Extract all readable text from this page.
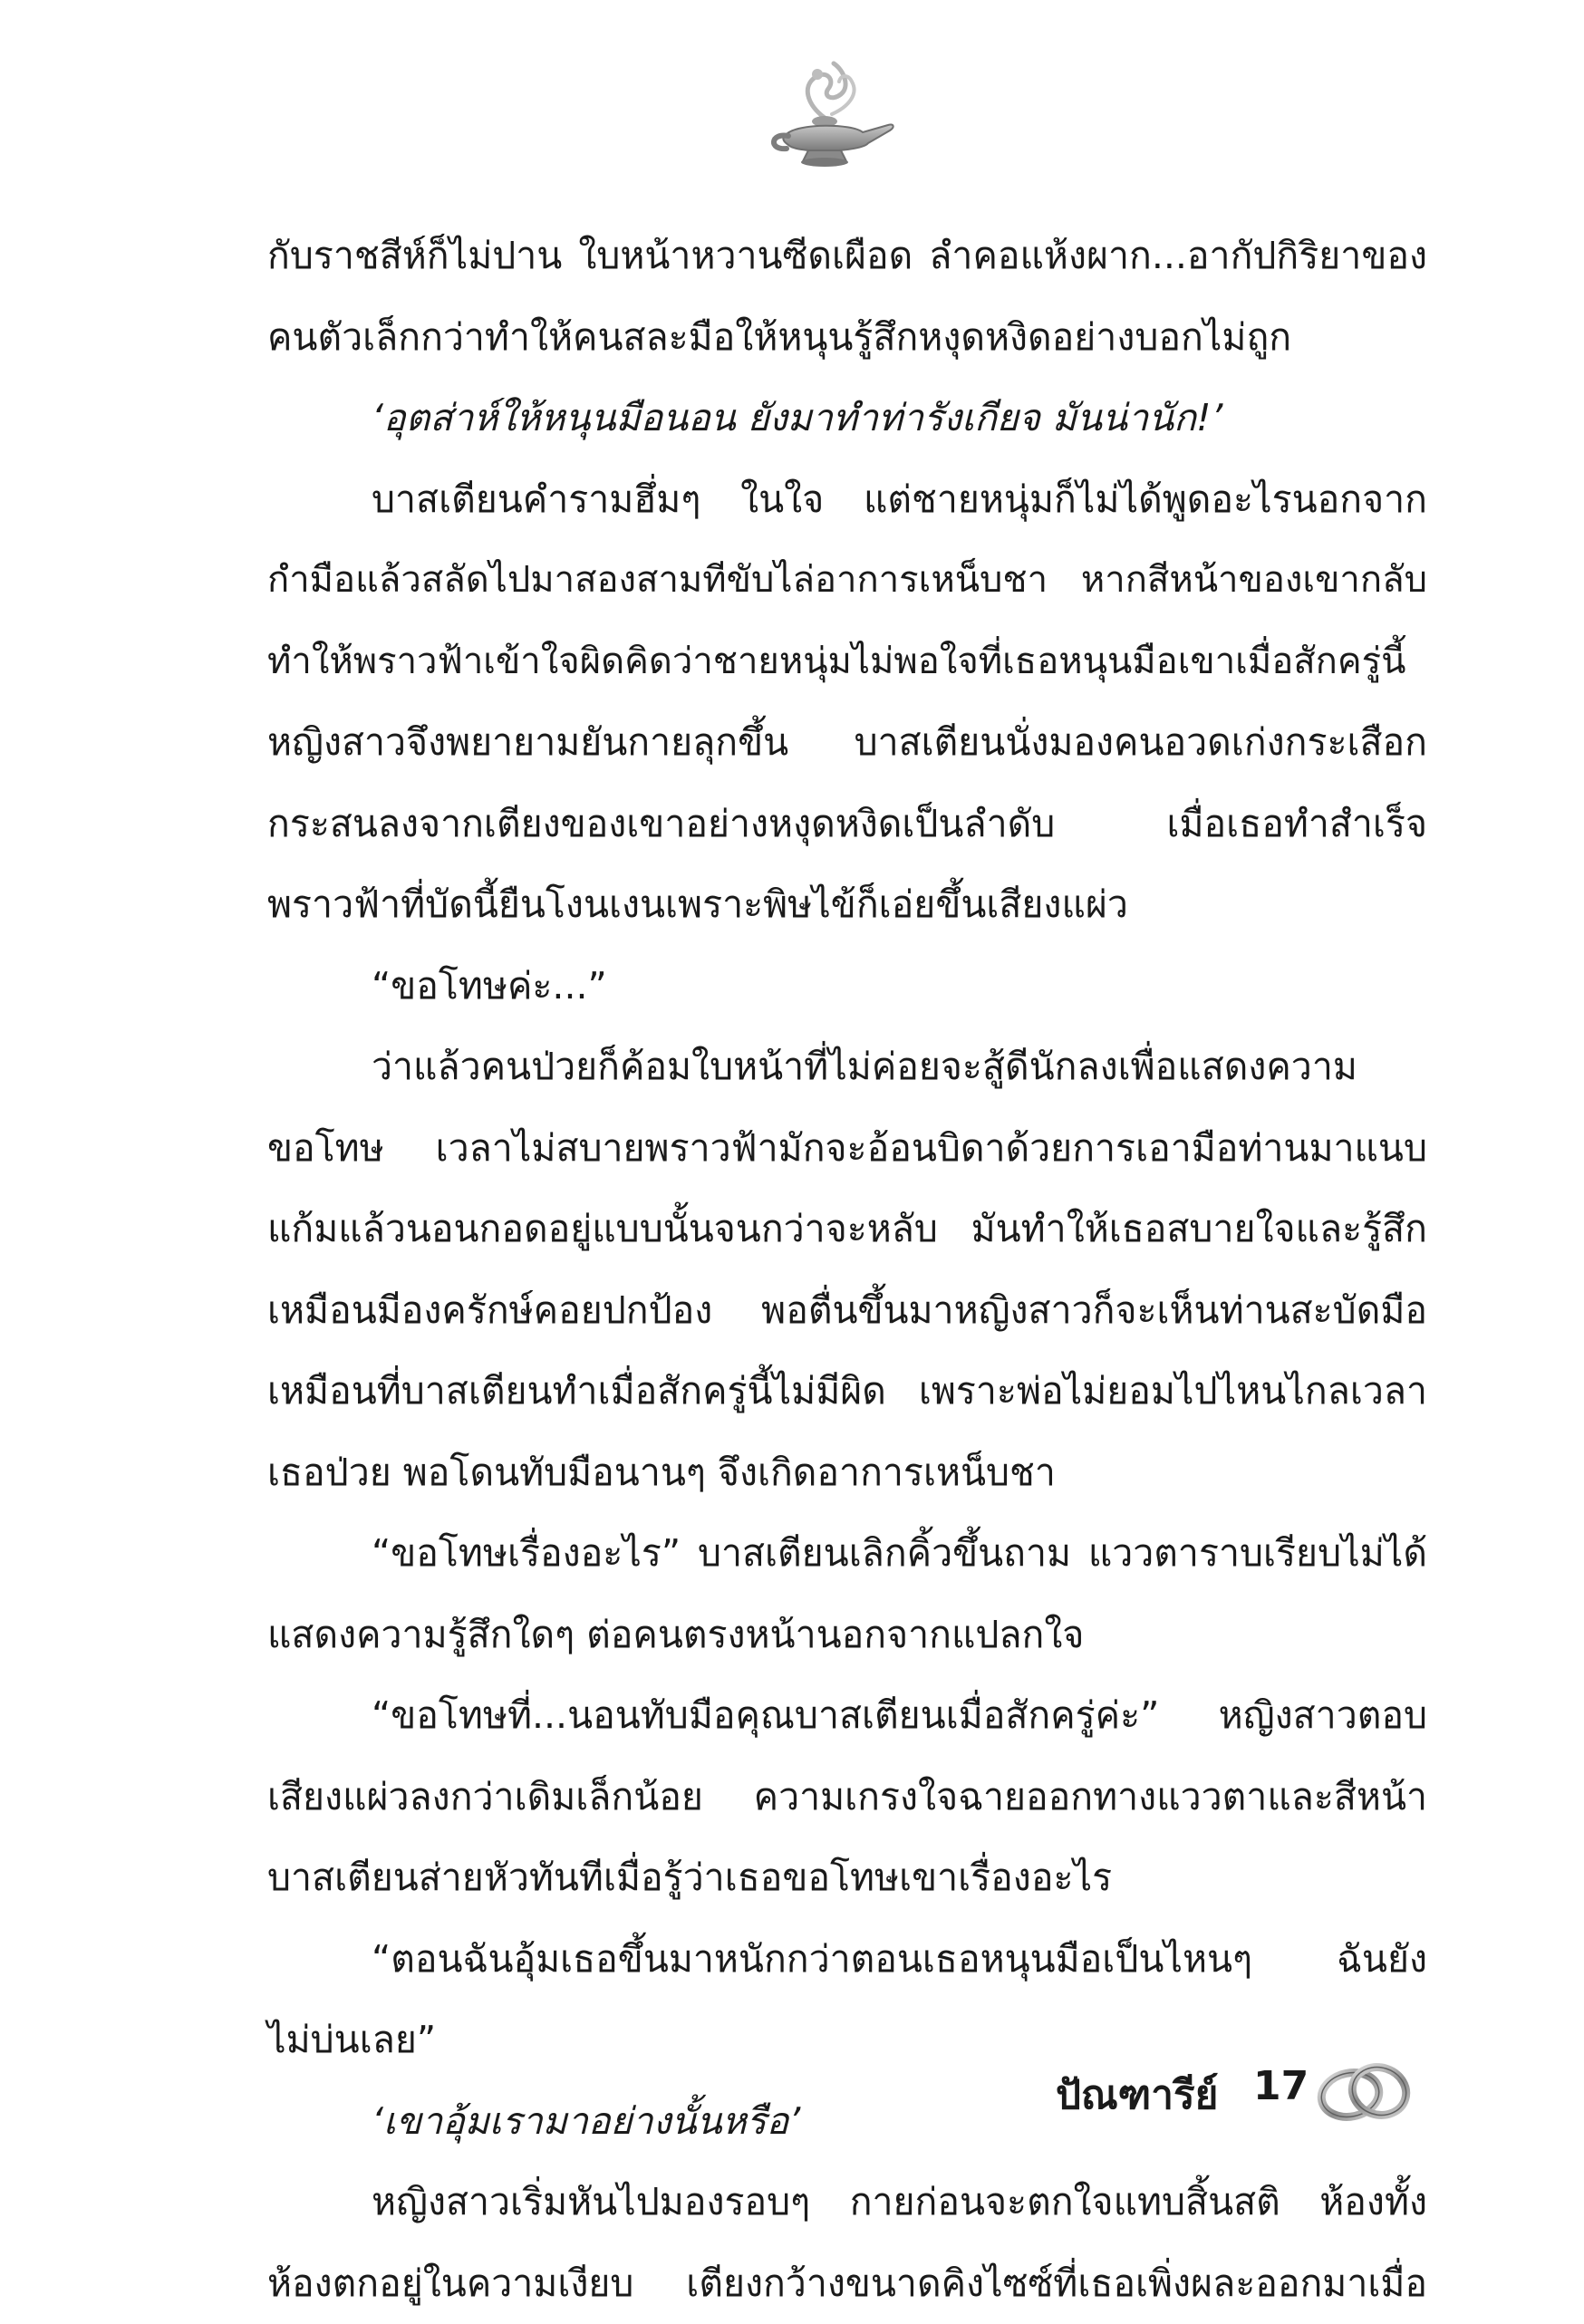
กับราชสีห์ก็ไม่ปาน ใบหน้าหวานซีดเผือด ลำคอแห้งผาก...อากัปกิริยาของ
คนตัวเล็กกว่าทำให้คนสละมือให้หนุนรู้สึกหงุดหงิดอย่างบอกไม่ถูก
‘อุตส่าห์ให้หนุนมือนอน ยังมาทำท่ารังเกียจ มันน่านัก!’
บาสเตียนคำรามฮึ่มๆ ในใจ แต่ชายหนุ่มก็ไม่ได้พูดอะไรนอกจาก
กำมือแล้วสลัดไปมาสองสามทีขับไล่อาการเหน็บชา หากสีหน้าของเขากลับ
ทำให้พราวฟ้าเข้าใจผิดคิดว่าชายหนุ่มไม่พอใจที่เธอหนุนมือเขาเมื่อสักครู่นี้
หญิงสาวจึงพยายามยันกายลุกขึ้น บาสเตียนนั่งมองคนอวดเก่งกระเสือก
กระสนลงจากเตียงของเขาอย่างหงุดหงิดเป็นลำดับ เมื่อเธอทำสำเร็จ
พราวฟ้าที่บัดนี้ยืนโงนเงนเพราะพิษไข้ก็เอ่ยขึ้นเสียงแผ่ว
“ขอโทษค่ะ...”
ว่าแล้วคนป่วยก็ค้อมใบหน้าที่ไม่ค่อยจะสู้ดีนักลงเพื่อแสดงความ
ขอโทษ เวลาไม่สบายพราวฟ้ามักจะอ้อนบิดาด้วยการเอามือท่านมาแนบ
แก้มแล้วนอนกอดอยู่แบบนั้นจนกว่าจะหลับ มันทำให้เธอสบายใจและรู้สึก
เหมือนมีองครักษ์คอยปกป้อง พอตื่นขึ้นมาหญิงสาวก็จะเห็นท่านสะบัดมือ
เหมือนที่บาสเตียนทำเมื่อสักครู่นี้ไม่มีผิด เพราะพ่อไม่ยอมไปไหนไกลเวลา
เธอป่วย พอโดนทับมือนานๆ จึงเกิดอาการเหน็บชา
“ขอโทษเรื่องอะไร” บาสเตียนเลิกคิ้วขึ้นถาม แววตาราบเรียบไม่ได้
แสดงความรู้สึกใดๆ ต่อคนตรงหน้านอกจากแปลกใจ
“ขอโทษที่...นอนทับมือคุณบาสเตียนเมื่อสักครู่ค่ะ” หญิงสาวตอบ
เสียงแผ่วลงกว่าเดิมเล็กน้อย ความเกรงใจฉายออกทางแววตาและสีหน้า
บาสเตียนส่ายหัวทันทีเมื่อรู้ว่าเธอขอโทษเขาเรื่องอะไร
“ตอนฉันอุ้มเธอขึ้นมาหนักกว่าตอนเธอหนุนมือเป็นไหนๆ ฉันยัง
ไม่บ่นเลย”
‘เขาอุ้มเรามาอย่างนั้นหรือ’
หญิงสาวเริ่มหันไปมองรอบๆ กายก่อนจะตกใจแทบสิ้นสติ ห้องทั้ง
ห้องตกอยู่ในความเงียบ เตียงกว้างขนาดคิงไซซ์ที่เธอเพิ่งผละออกมาเมื่อ
ปัณฑารีย์ 17
